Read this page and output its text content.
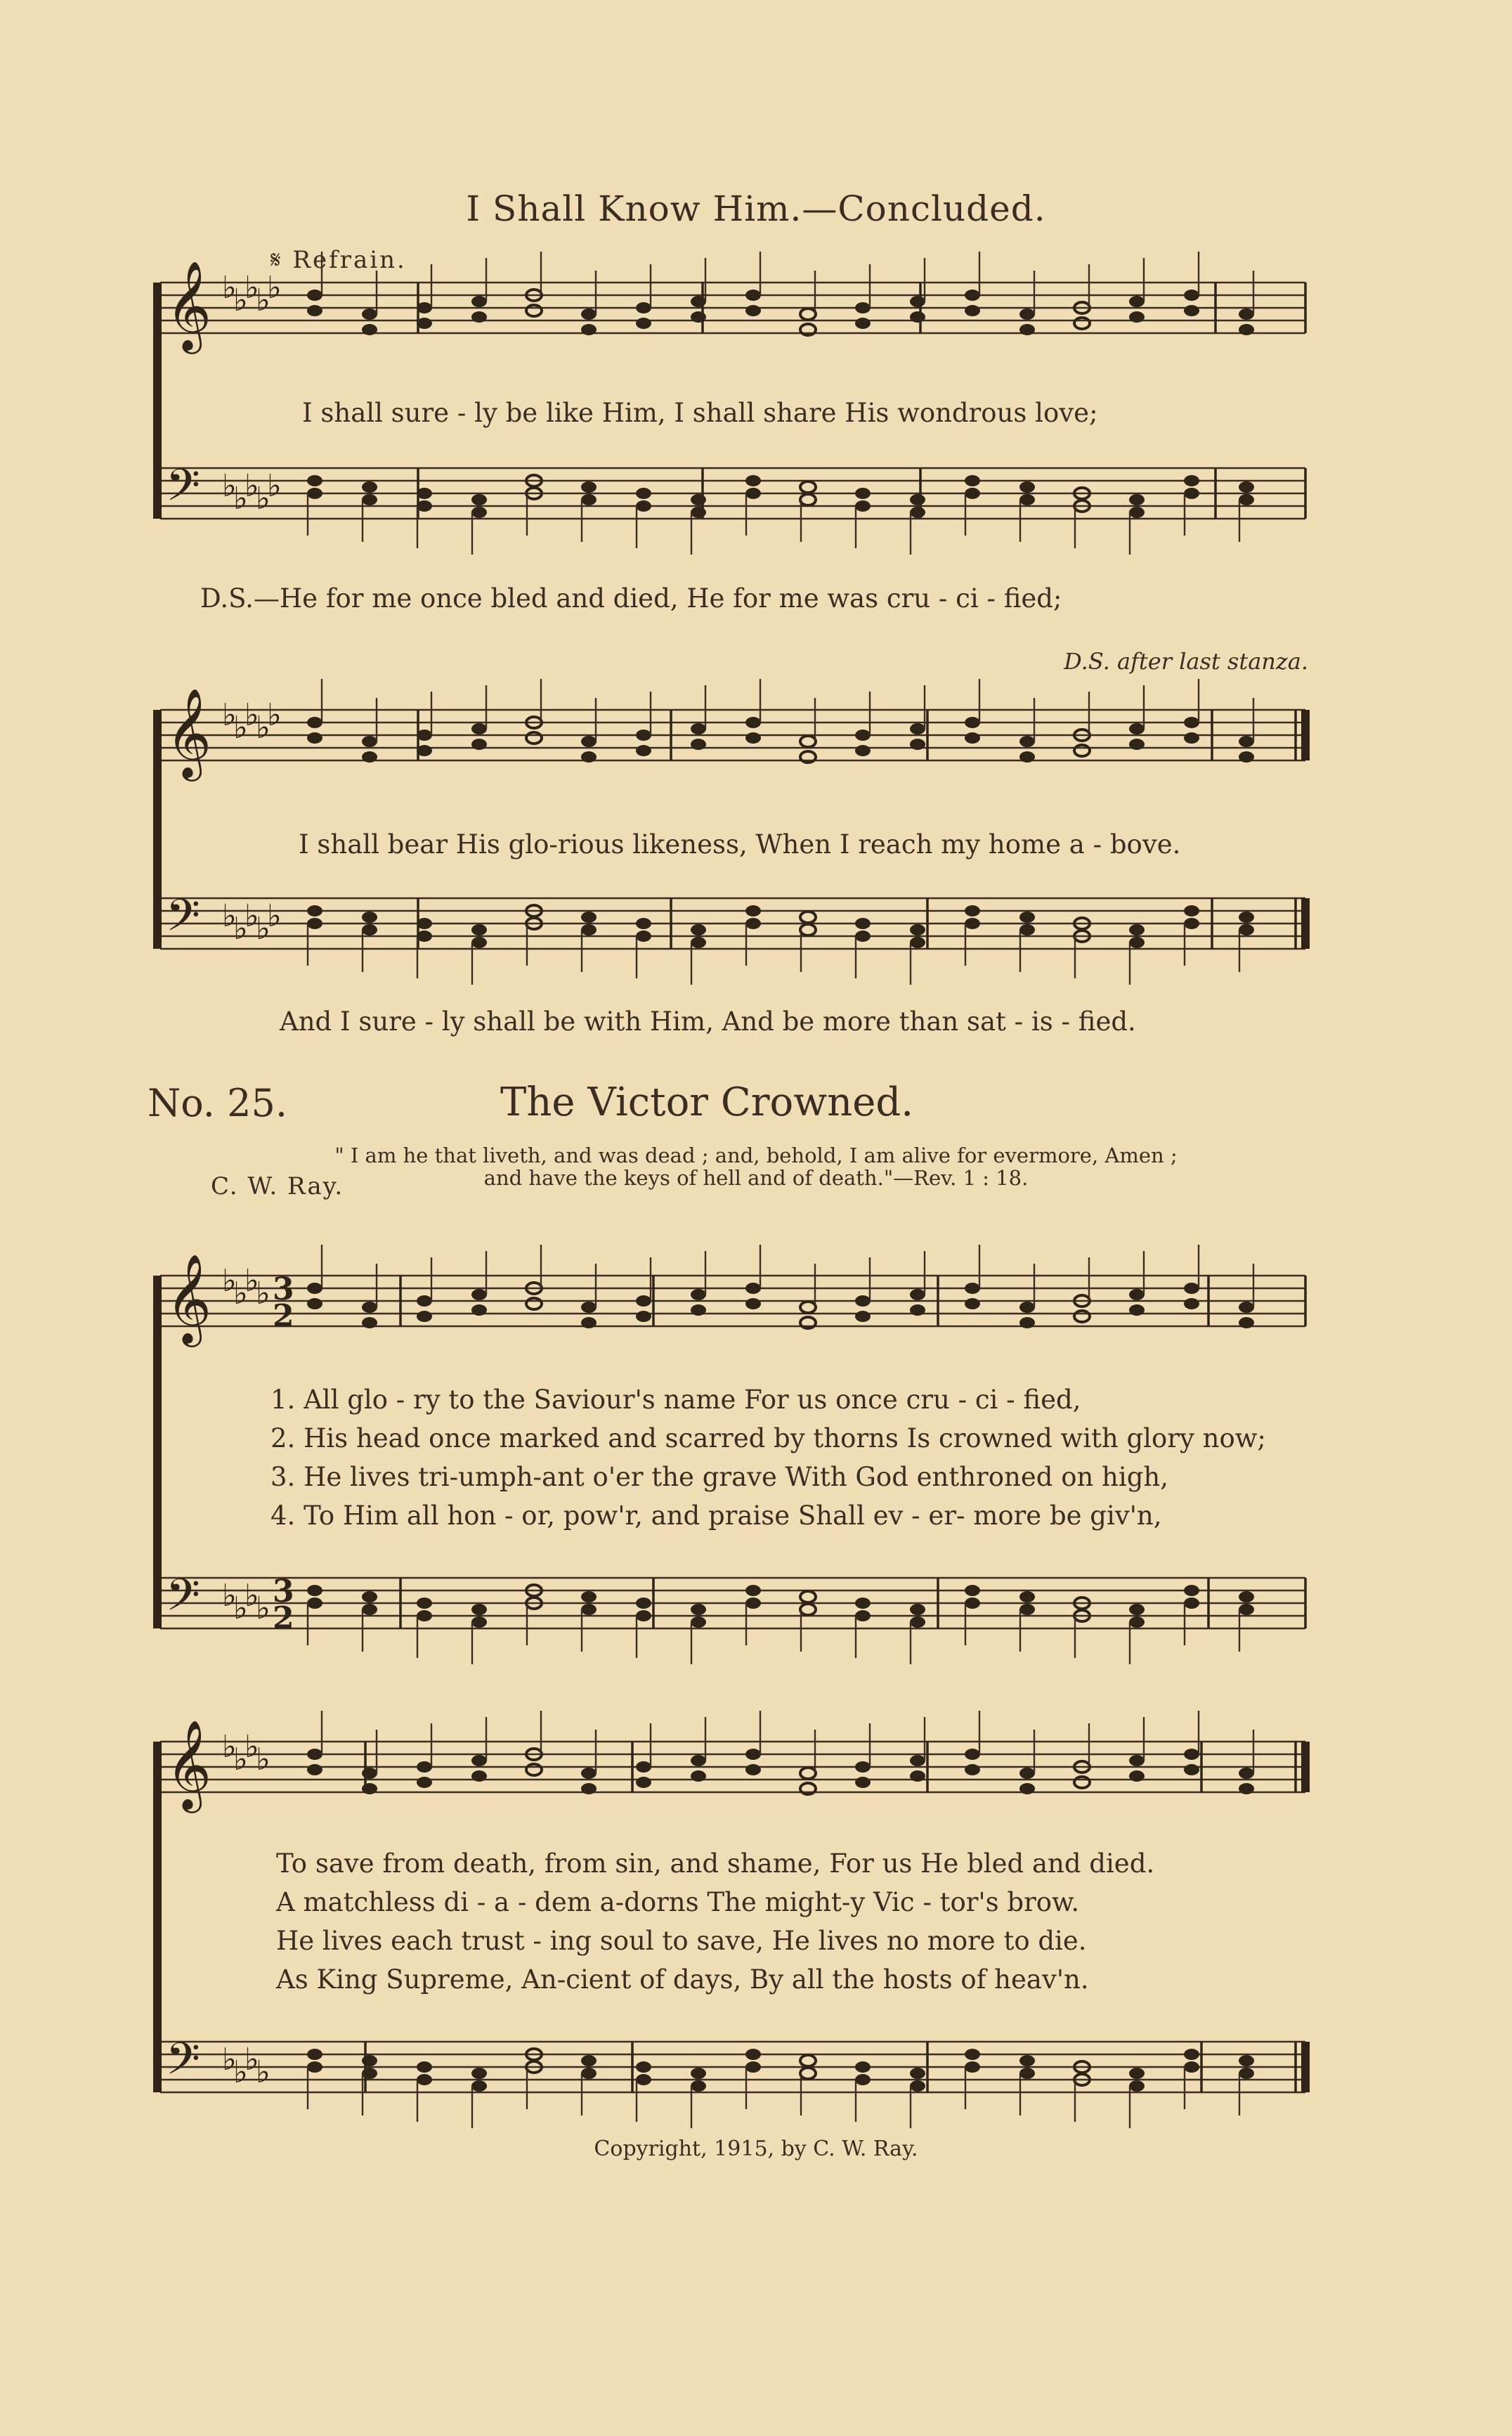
𝄞 ♭
♭
♭
♭
♭
𝄢 ♭
♭
♭
♭
♭
𝄞 ♭
♭
♭
♭
♭
𝄢 ♭
♭
♭
♭
♭
𝄞 ♭
♭
♭
♭ 3
2
𝄢 ♭
♭
♭
♭ 3
2
𝄞 ♭
♭
♭
♭
𝄢 ♭
♭
♭
♭
I Shall Know Him.—Concluded.
𝄋 Refrain.
I shall sure - ly be like Him, I shall share His wondrous love;
D.S.—He for me once bled and died, He for me was cru - ci - fied;
D.S. after last stanza.
I shall bear His glo-rious likeness, When I reach my home a - bove.
And I sure - ly shall be with Him, And be more than sat - is - fied.
No. 25.	The Victor Crowned.
" I am he that liveth, and was dead ; and, behold, I am alive for evermore, Amen ;
and have the keys of hell and of death."—Rev. 1 : 18.
C. W. Ray.
1. All glo - ry to the Saviour's name For us once cru - ci - fied,
2. His head once marked and scarred by thorns Is crowned with glory now;
3. He lives tri-umph-ant o'er the grave With God enthroned on high,
4. To Him all hon - or, pow'r, and praise Shall ev - er- more be giv'n,
To save from death, from sin, and shame, For us He bled and died.
A matchless di - a - dem a-dorns The might-y Vic - tor's brow.
He lives each trust - ing soul to save, He lives no more to die.
As King Supreme, An-cient of days, By all the hosts of heav'n.
Copyright, 1915, by C. W. Ray.
